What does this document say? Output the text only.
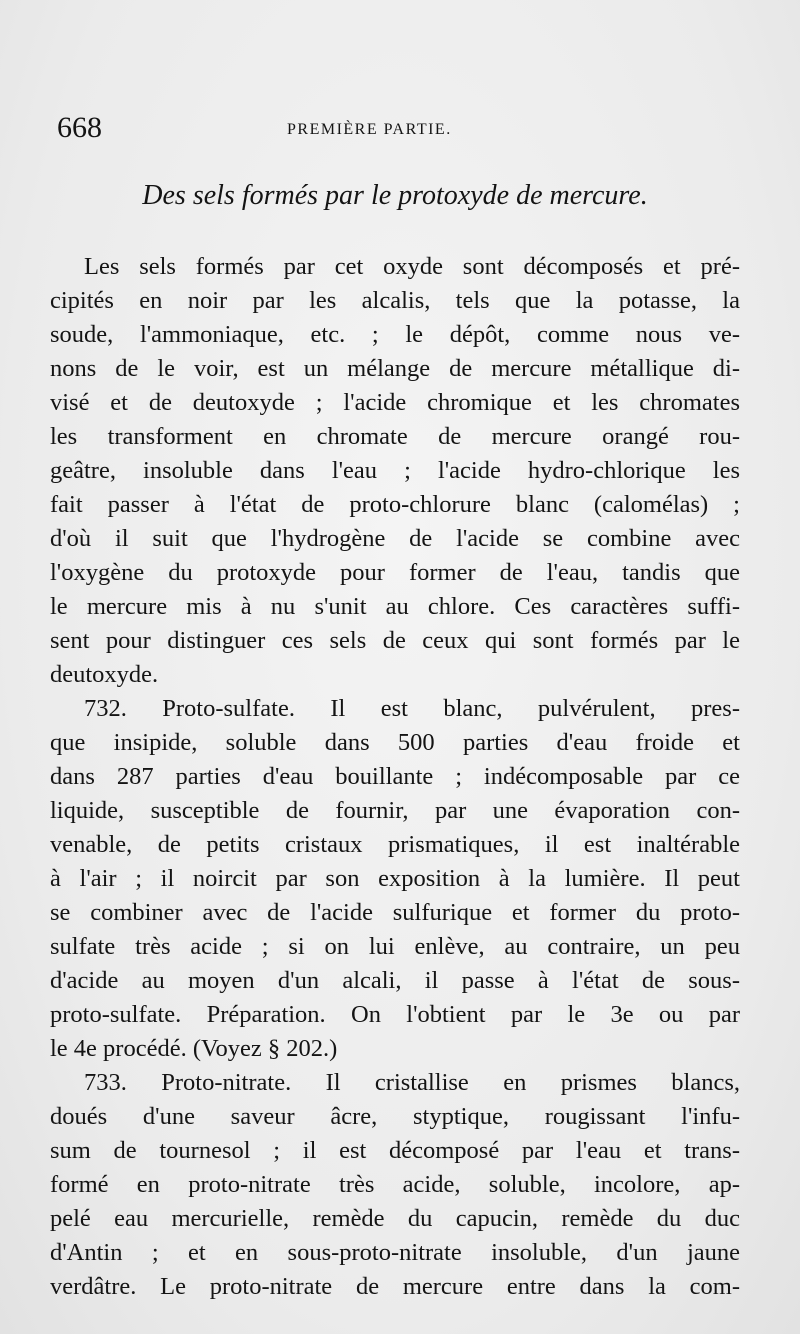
668	PREMIÈRE PARTIE.
Des sels formés par le protoxyde de mercure.
Les sels formés par cet oxyde sont décomposés et pré-
cipités en noir par les alcalis, tels que la potasse, la
soude, l'ammoniaque, etc. ; le dépôt, comme nous ve-
nons de le voir, est un mélange de mercure métallique di-
visé et de deutoxyde ; l'acide chromique et les chromates
les transforment en chromate de mercure orangé rou-
geâtre, insoluble dans l'eau ; l'acide hydro-chlorique les
fait passer à l'état de proto-chlorure blanc (calomélas) ;
d'où il suit que l'hydrogène de l'acide se combine avec
l'oxygène du protoxyde pour former de l'eau, tandis que
le mercure mis à nu s'unit au chlore. Ces caractères suffi-
sent pour distinguer ces sels de ceux qui sont formés par le
deutoxyde.
732. Proto-sulfate. Il est blanc, pulvérulent, pres-
que insipide, soluble dans 500 parties d'eau froide et
dans 287 parties d'eau bouillante ; indécomposable par ce
liquide, susceptible de fournir, par une évaporation con-
venable, de petits cristaux prismatiques, il est inaltérable
à l'air ; il noircit par son exposition à la lumière. Il peut
se combiner avec de l'acide sulfurique et former du proto-
sulfate très acide ; si on lui enlève, au contraire, un peu
d'acide au moyen d'un alcali, il passe à l'état de sous-
proto-sulfate. Préparation. On l'obtient par le 3e ou par
le 4e procédé. (Voyez § 202.)
733. Proto-nitrate. Il cristallise en prismes blancs,
doués d'une saveur âcre, styptique, rougissant l'infu-
sum de tournesol ; il est décomposé par l'eau et trans-
formé en proto-nitrate très acide, soluble, incolore, ap-
pelé eau mercurielle, remède du capucin, remède du duc
d'Antin ; et en sous-proto-nitrate insoluble, d'un jaune
verdâtre. Le proto-nitrate de mercure entre dans la com-
